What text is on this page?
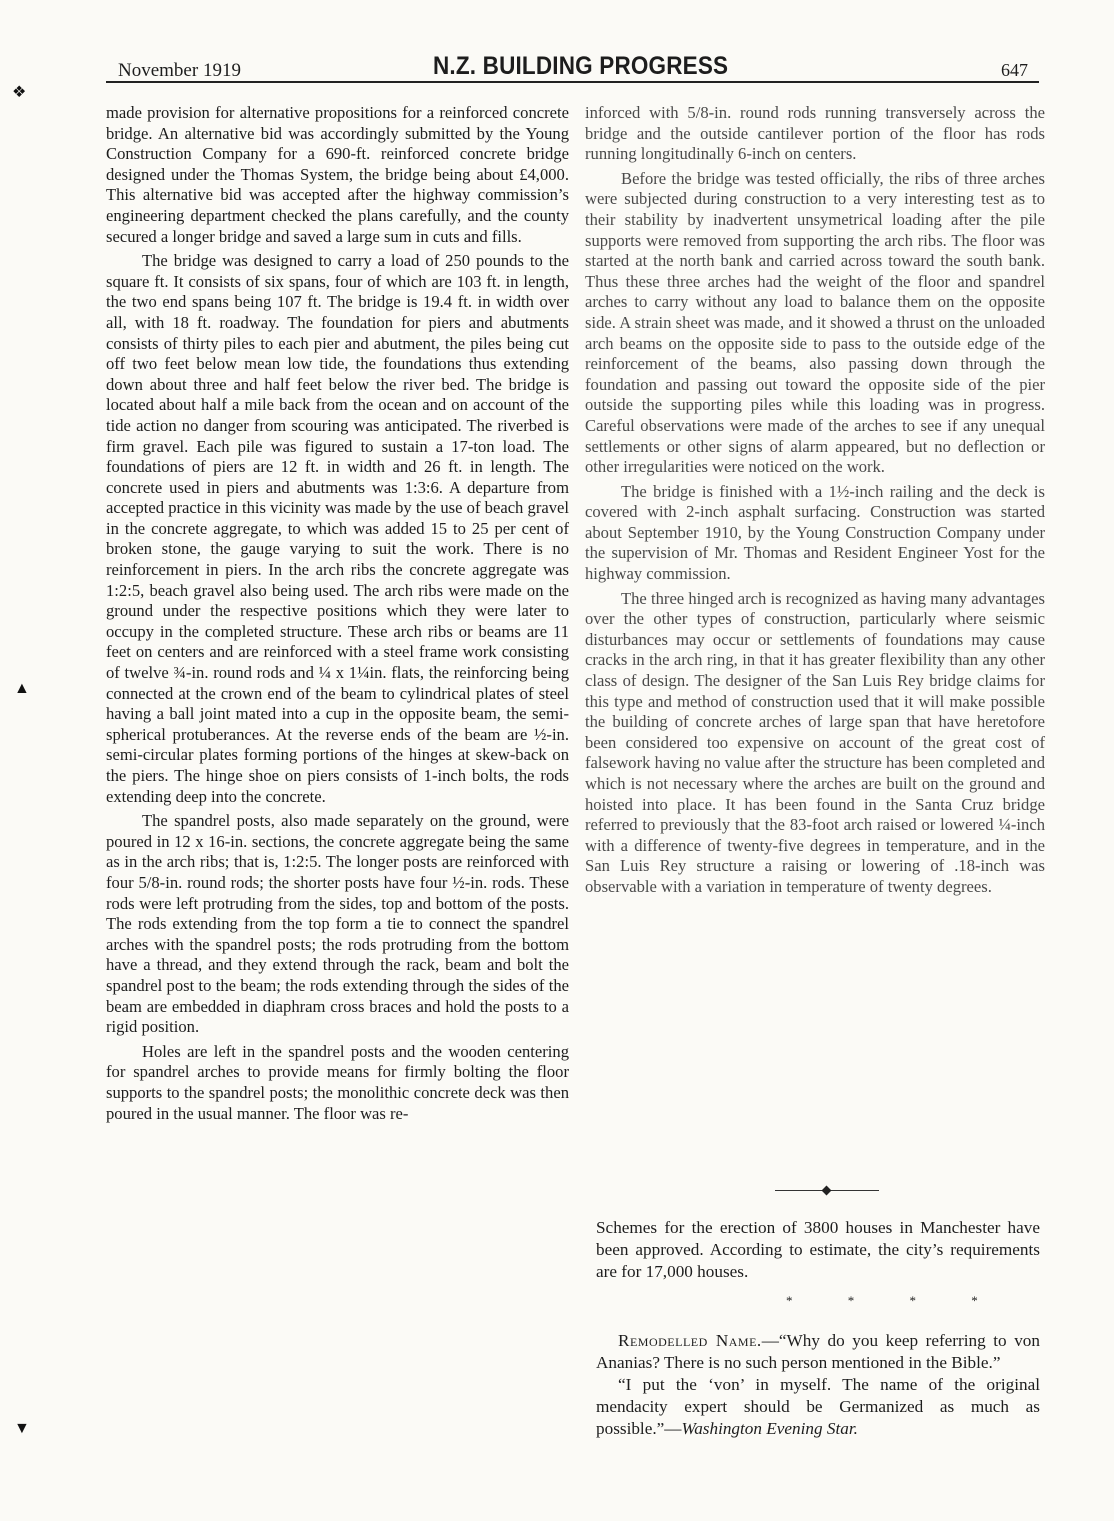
November 1919	N.Z. BUILDING PROGRESS	647
❖
▲
▼

made provision for alternative propositions for a reinforced concrete bridge. An alternative bid was accordingly submitted by the Young Construction Company for a 690-ft. reinforced concrete bridge designed under the Thomas System, the bridge being about £4,000. This alternative bid was accepted after the highway commission’s engineering department checked the plans carefully, and the county secured a longer bridge and saved a large sum in cuts and fills.

The bridge was designed to carry a load of 250 pounds to the square ft. It consists of six spans, four of which are 103 ft. in length, the two end spans being 107 ft. The bridge is 19.4 ft. in width over all, with 18 ft. roadway. The foundation for piers and abutments consists of thirty piles to each pier and abutment, the piles being cut off two feet below mean low tide, the foundations thus extending down about three and half feet below the river bed. The bridge is located about half a mile back from the ocean and on account of the tide action no danger from scouring was anticipated. The riverbed is firm gravel. Each pile was figured to sustain a 17-ton load. The foundations of piers are 12 ft. in width and 26 ft. in length. The concrete used in piers and abutments was 1:3:6. A departure from accepted practice in this vicinity was made by the use of beach gravel in the concrete aggregate, to which was added 15 to 25 per cent of broken stone, the gauge varying to suit the work. There is no reinforcement in piers. In the arch ribs the concrete aggregate was 1:2:5, beach gravel also being used. The arch ribs were made on the ground under the respective positions which they were later to occupy in the completed structure. These arch ribs or beams are 11 feet on centers and are reinforced with a steel frame work consisting of twelve ¾-in. round rods and ¼ x 1¼in. flats, the reinforcing being connected at the crown end of the beam to cylindrical plates of steel having a ball joint mated into a cup in the opposite beam, the semi-spherical protuberances. At the reverse ends of the beam are ½-in. semi-circular plates forming portions of the hinges at skew-back on the piers. The hinge shoe on piers consists of 1-inch bolts, the rods extending deep into the concrete.

The spandrel posts, also made separately on the ground, were poured in 12 x 16-in. sections, the concrete aggregate being the same as in the arch ribs; that is, 1:2:5. The longer posts are reinforced with four 5/8-in. round rods; the shorter posts have four ½-in. rods. These rods were left protruding from the sides, top and bottom of the posts. The rods extending from the top form a tie to connect the spandrel arches with the spandrel posts; the rods protruding from the bottom have a thread, and they extend through the rack, beam and bolt the spandrel post to the beam; the rods extending through the sides of the beam are embedded in diaphram cross braces and hold the posts to a rigid position.

Holes are left in the spandrel posts and the wooden centering for spandrel arches to provide means for firmly bolting the floor supports to the spandrel posts; the monolithic concrete deck was then poured in the usual manner. The floor was re-

inforced with 5/8-in. round rods running transversely across the bridge and the outside cantilever portion of the floor has rods running longitudinally 6-inch on centers.

Before the bridge was tested officially, the ribs of three arches were subjected during construction to a very interesting test as to their stability by inadvertent unsymetrical loading after the pile supports were removed from supporting the arch ribs. The floor was started at the north bank and carried across toward the south bank. Thus these three arches had the weight of the floor and spandrel arches to carry without any load to balance them on the opposite side. A strain sheet was made, and it showed a thrust on the unloaded arch beams on the opposite side to pass to the outside edge of the reinforcement of the beams, also passing down through the foundation and passing out toward the opposite side of the pier outside the supporting piles while this loading was in progress. Careful observations were made of the arches to see if any unequal settlements or other signs of alarm appeared, but no deflection or other irregularities were noticed on the work.

The bridge is finished with a 1½-inch railing and the deck is covered with 2-inch asphalt surfacing. Construction was started about September 1910, by the Young Construction Company under the supervision of Mr. Thomas and Resident Engineer Yost for the highway commission.

The three hinged arch is recognized as having many advantages over the other types of construction, particularly where seismic disturbances may occur or settlements of foundations may cause cracks in the arch ring, in that it has greater flexibility than any other class of design. The designer of the San Luis Rey bridge claims for this type and method of construction used that it will make possible the building of concrete arches of large span that have heretofore been considered too expensive on account of the great cost of falsework having no value after the structure has been completed and which is not necessary where the arches are built on the ground and hoisted into place. It has been found in the Santa Cruz bridge referred to previously that the 83-foot arch raised or lowered ¼-inch with a difference of twenty-five degrees in temperature, and in the San Luis Rey structure a raising or lowering of .18-inch was observable with a variation in temperature of twenty degrees.

Schemes for the erection of 3800 houses in Manchester have been approved. According to estimate, the city’s requirements are for 17,000 houses.
* * * *

Remodelled Name.—“Why do you keep referring to von Ananias? There is no such person mentioned in the Bible.”

“I put the ‘von’ in myself. The name of the original mendacity expert should be Germanized as much as possible.”—Washington Evening Star.
